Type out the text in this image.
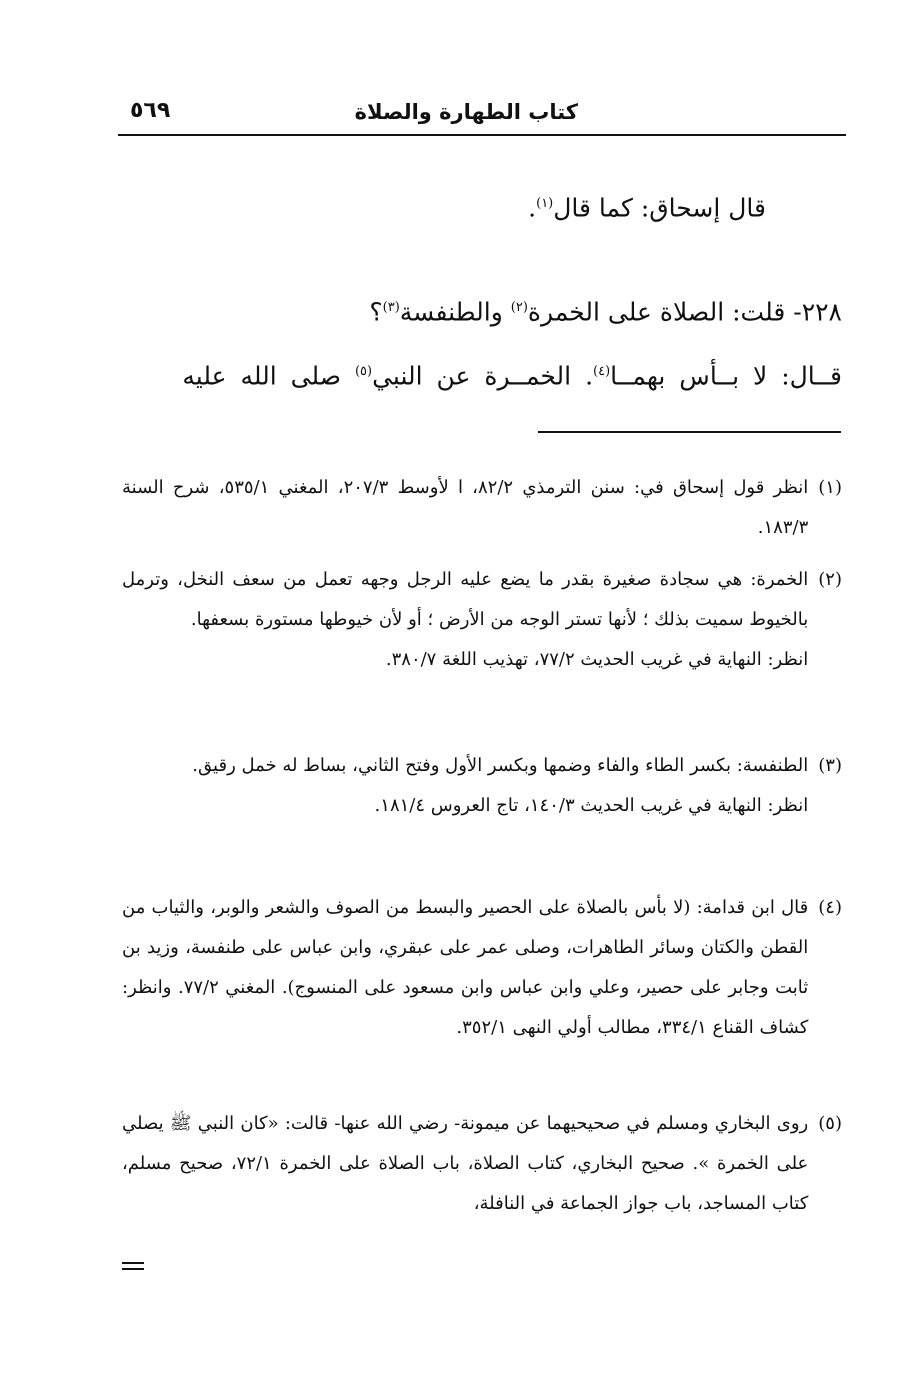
كتاب الطهارة والصلاة
٥٦٩
قال إسحاق: كما قال$^{(١)}$.
٢٢٨- قلت: الصلاة على الخمرة$^{(٢)}$ والطنفسة$^{(٣)}$؟
قــال: لا بــأس بهمــا$^{(٤)}$. الخمــرة عن النبي$^{(٥)}$ صلى الله عليه
(١)

انظر قول إسحاق في: سنن الترمذي ٨٢/٢، ا لأوسط ٢٠٧/٣، المغني ٥٣٥/١، شرح السنة ١٨٣/٣.

(٢)

الخمرة: هي سجادة صغيرة بقدر ما يضع عليه الرجل وجهه تعمل من سعف النخل، وترمل بالخيوط سميت بذلك ؛ لأنها تستر الوجه من الأرض ؛ أو لأن خيوطها مستورة بسعفها.

انظر: النهاية في غريب الحديث ٧٧/٢، تهذيب اللغة ٣٨٠/٧.

(٣)

الطنفسة: بكسر الطاء والفاء وضمها وبكسر الأول وفتح الثاني، بساط له خمل رقيق.

انظر: النهاية في غريب الحديث ١٤٠/٣، تاج العروس ١٨١/٤.

(٤)

قال ابن قدامة: (لا بأس بالصلاة على الحصير والبسط من الصوف والشعر والوبر، والثياب من القطن والكتان وسائر الطاهرات، وصلى عمر على عبقري، وابن عباس على طنفسة، وزيد بن ثابت وجابر على حصير، وعلي وابن عباس وابن مسعود على المنسوج). المغني ٧٧/٢. وانظر: كشاف القناع ٣٣٤/١، مطالب أولي النهى ٣٥٢/١.

(٥)

روى البخاري ومسلم في صحيحيهما عن ميمونة- رضي الله عنها- قالت: «كان النبي ﷺ يصلي على الخمرة ». صحيح البخاري، كتاب الصلاة، باب الصلاة على الخمرة ٧٢/١، صحيح مسلم، كتاب المساجد، باب جواز الجماعة في النافلة،
